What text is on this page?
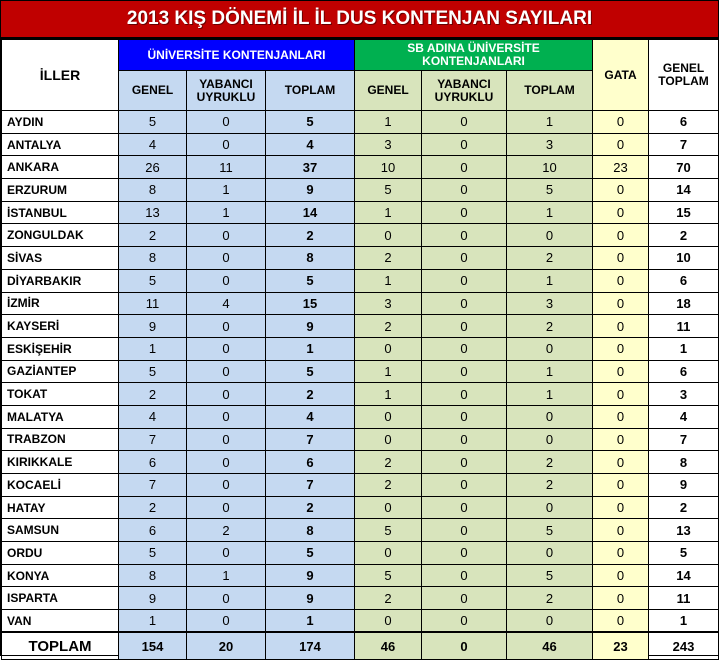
2013 KIŞ DÖNEMİ İL İL DUS KONTENJAN SAYILARI
İLLER	ÜNİVERSİTE KONTENJANLARI			SB ADINA ÜNİVERSİTE KONTENJANLARI			GATA	GENEL TOPLAM
	GENEL	YABANCI UYRUKLU	TOPLAM	GENEL	YABANCI UYRUKLU	TOPLAM		
AYDIN	5	0	5	1	0	1	0	6
ANTALYA	4	0	4	3	0	3	0	7
ANKARA	26	11	37	10	0	10	23	70
ERZURUM	8	1	9	5	0	5	0	14
İSTANBUL	13	1	14	1	0	1	0	15
ZONGULDAK	2	0	2	0	0	0	0	2
SİVAS	8	0	8	2	0	2	0	10
DİYARBAKIR	5	0	5	1	0	1	0	6
İZMİR	11	4	15	3	0	3	0	18
KAYSERİ	9	0	9	2	0	2	0	11
ESKİŞEHİR	1	0	1	0	0	0	0	1
GAZİANTEP	5	0	5	1	0	1	0	6
TOKAT	2	0	2	1	0	1	0	3
MALATYA	4	0	4	0	0	0	0	4
TRABZON	7	0	7	0	0	0	0	7
KIRIKKALE	6	0	6	2	0	2	0	8
KOCAELİ	7	0	7	2	0	2	0	9
HATAY	2	0	2	0	0	0	0	2
SAMSUN	6	2	8	5	0	5	0	13
ORDU	5	0	5	0	0	0	0	5
KONYA	8	1	9	5	0	5	0	14
ISPARTA	9	0	9	2	0	2	0	11
VAN	1	0	1	0	0	0	0	1
TOPLAM	154	20	174	46	0	46	23	243
